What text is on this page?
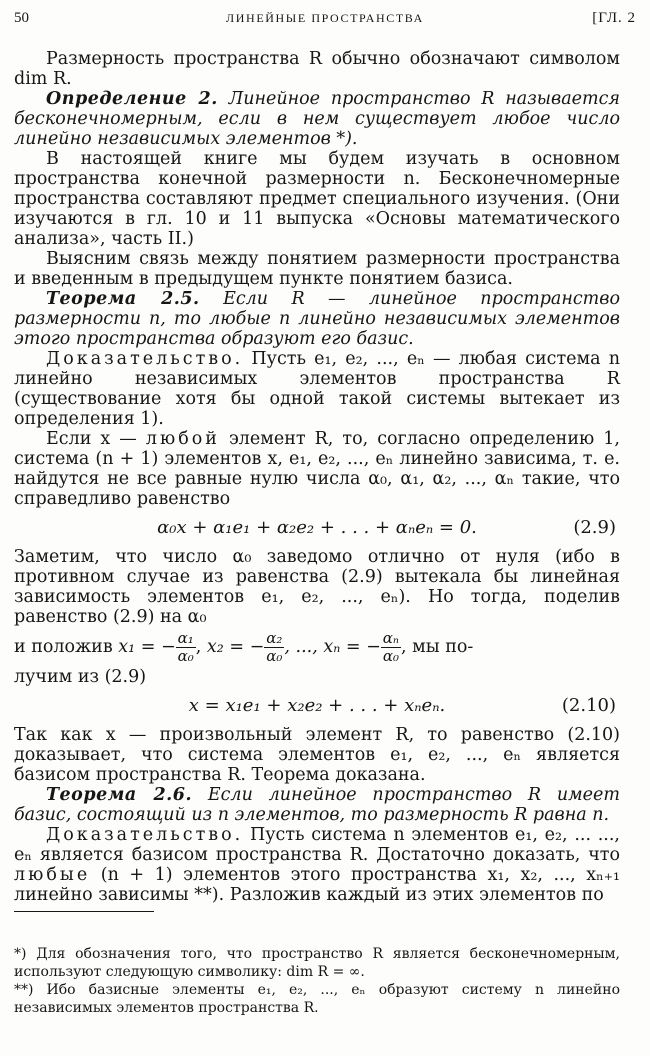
50	ЛИНЕЙНЫЕ ПРОСТРАНСТВА	[ГЛ. 2

Размерность пространства R обычно обозначают символом dim R.

Определение 2. Линейное пространство R называется бесконечномерным, если в нем существует любое число линейно независимых элементов *).

В настоящей книге мы будем изучать в основном пространства конечной размерности n. Бесконечномерные пространства составляют предмет специального изучения. (Они изучаются в гл. 10 и 11 выпуска «Основы математического анализа», часть II.)

Выясним связь между понятием размерности пространства и введенным в предыдущем пункте понятием базиса.

Теорема 2.5. Если R — линейное пространство размерности n, то любые n линейно независимых элементов этого пространства образуют его базис.

Доказательство. Пусть e₁, e₂, ..., eₙ — любая система n линейно независимых элементов пространства R (существование хотя бы одной такой системы вытекает из определения 1).

Если x — любой элемент R, то, согласно определению 1, система (n + 1) элементов x, e₁, e₂, ..., eₙ линейно зависима, т. е. найдутся не все равные нулю числа α₀, α₁, α₂, ..., αₙ такие, что справедливо равенство

α₀x + α₁e₁ + α₂e₂ + . . . + αₙeₙ = 0.	(2.9)

Заметим, что число α₀ заведомо отлично от нуля (ибо в противном случае из равенства (2.9) вытекала бы линейная зависимость элементов e₁, e₂, ..., eₙ). Но тогда, поделив равенство (2.9) на α₀

и положив x₁ = − $\frac{\text{α₁}}{\text{α₀}}$ , x₂ = − $\frac{\text{α₂}}{\text{α₀}}$ , ..., xₙ = − $\frac{\text{αₙ}}{\text{α₀}}$ , мы по-

лучим из (2.9)

x = x₁e₁ + x₂e₂ + . . . + xₙeₙ.	(2.10)

Так как x — произвольный элемент R, то равенство (2.10) доказывает, что система элементов e₁, e₂, ..., eₙ является базисом пространства R. Теорема доказана.

Теорема 2.6. Если линейное пространство R имеет базис, состоящий из n элементов, то размерность R равна n.

Доказательство. Пусть система n элементов e₁, e₂, ... ..., eₙ является базисом пространства R. Достаточно доказать, что любые (n + 1) элементов этого пространства x₁, x₂, ..., xₙ₊₁ линейно зависимы **). Разложив каждый из этих элементов по

*) Для обозначения того, что пространство R является бесконечномерным, используют следующую символику: dim R = ∞.

**) Ибо базисные элементы e₁, e₂, ..., eₙ образуют систему n линейно независимых элементов пространства R.
